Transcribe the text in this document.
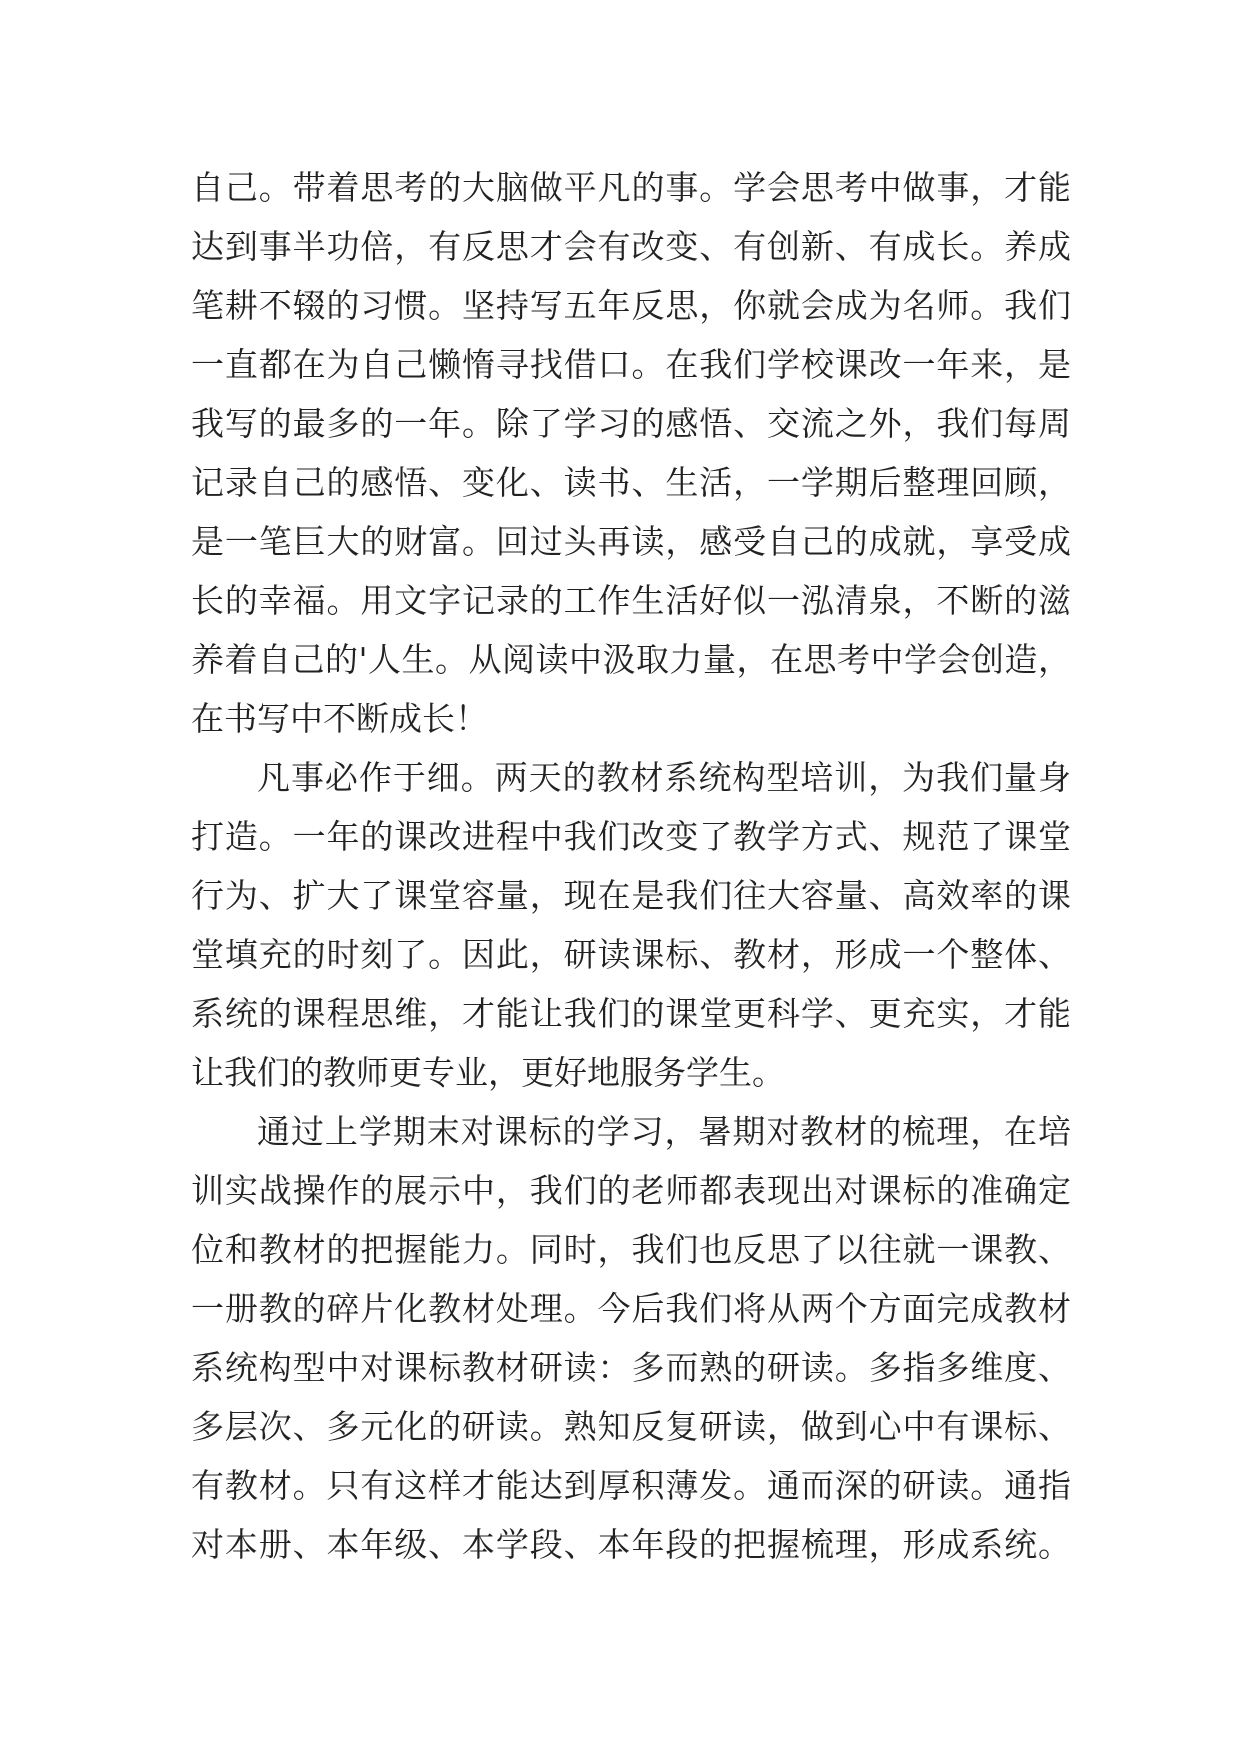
自己。带着思考的大脑做平凡的事。学会思考中做事，才能
达到事半功倍，有反思才会有改变、有创新、有成长。养成
笔耕不辍的习惯。坚持写五年反思，你就会成为名师。我们
一直都在为自己懒惰寻找借口。在我们学校课改一年来，是
我写的最多的一年。除了学习的感悟、交流之外，我们每周
记录自己的感悟、变化、读书、生活，一学期后整理回顾，
是一笔巨大的财富。回过头再读，感受自己的成就，享受成
长的幸福。用文字记录的工作生活好似一泓清泉，不断的滋
养着自己的'人生。从阅读中汲取力量，在思考中学会创造，
在书写中不断成长！
凡事必作于细。两天的教材系统构型培训，为我们量身
打造。一年的课改进程中我们改变了教学方式、规范了课堂
行为、扩大了课堂容量，现在是我们往大容量、高效率的课
堂填充的时刻了。因此，研读课标、教材，形成一个整体、
系统的课程思维，才能让我们的课堂更科学、更充实，才能
让我们的教师更专业，更好地服务学生。
通过上学期末对课标的学习，暑期对教材的梳理，在培
训实战操作的展示中，我们的老师都表现出对课标的准确定
位和教材的把握能力。同时，我们也反思了以往就一课教、
一册教的碎片化教材处理。今后我们将从两个方面完成教材
系统构型中对课标教材研读：多而熟的研读。多指多维度、
多层次、多元化的研读。熟知反复研读，做到心中有课标、
有教材。只有这样才能达到厚积薄发。通而深的研读。通指
对本册、本年级、本学段、本年段的把握梳理，形成系统。
